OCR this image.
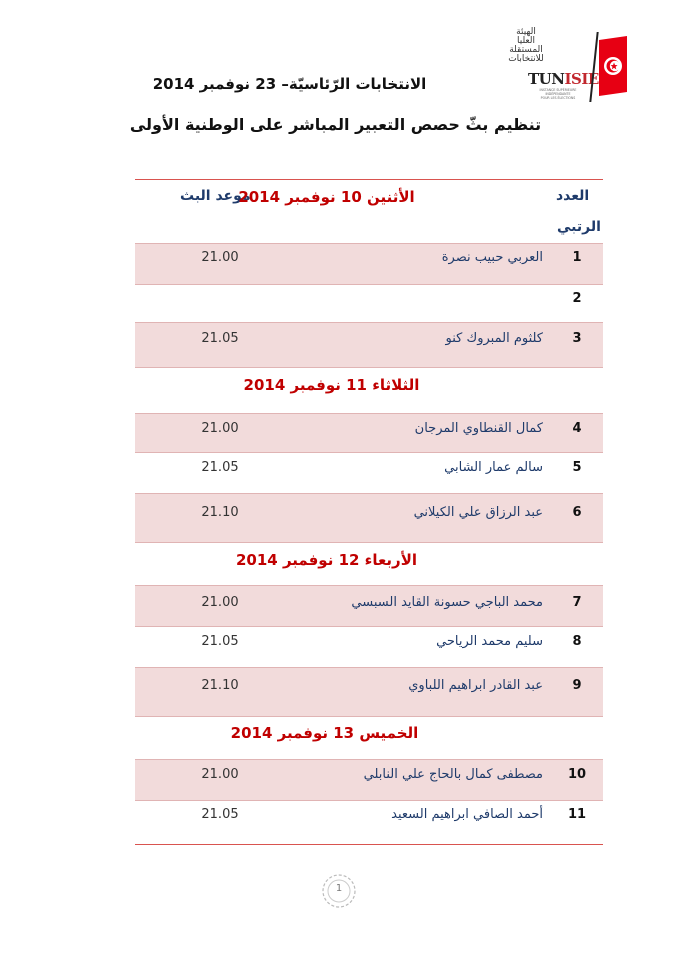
الهيئة
العليا
المستقلة
للانتخابات
TUNISIE
INSTANCE SUPÉRIEURE
INDÉPENDANTE
POUR LES ÉLECTIONS
الانتخابات الرّئاسيّة– 23 نوفمبر 2014
تنظيم بثّ حصص التعبير المباشر على الوطنية الأولى
العدد
الرتبي
موعد البث
الأثنين 10 نوفمبر 2014
1
العربي حبيب نصرة
21.00
2
3
كلثوم المبروك كنو
21.05
الثلاثاء 11 نوفمبر 2014
4
كمال القنطاوي المرجان
21.00
5
سالم عمار الشابي
21.05
6
عبد الرزاق علي الكيلاني
21.10
الأربعاء 12 نوفمبر 2014
7
محمد الباجي حسونة القايد السبسي
21.00
8
سليم محمد الرياحي
21.05
9
عبد القادر ابراهيم اللباوي
21.10
الخميس 13 نوفمبر 2014
10
مصطفى كمال بالحاج علي النابلي
21.00
11
أحمد الصافي ابراهيم السعيد
21.05
1
